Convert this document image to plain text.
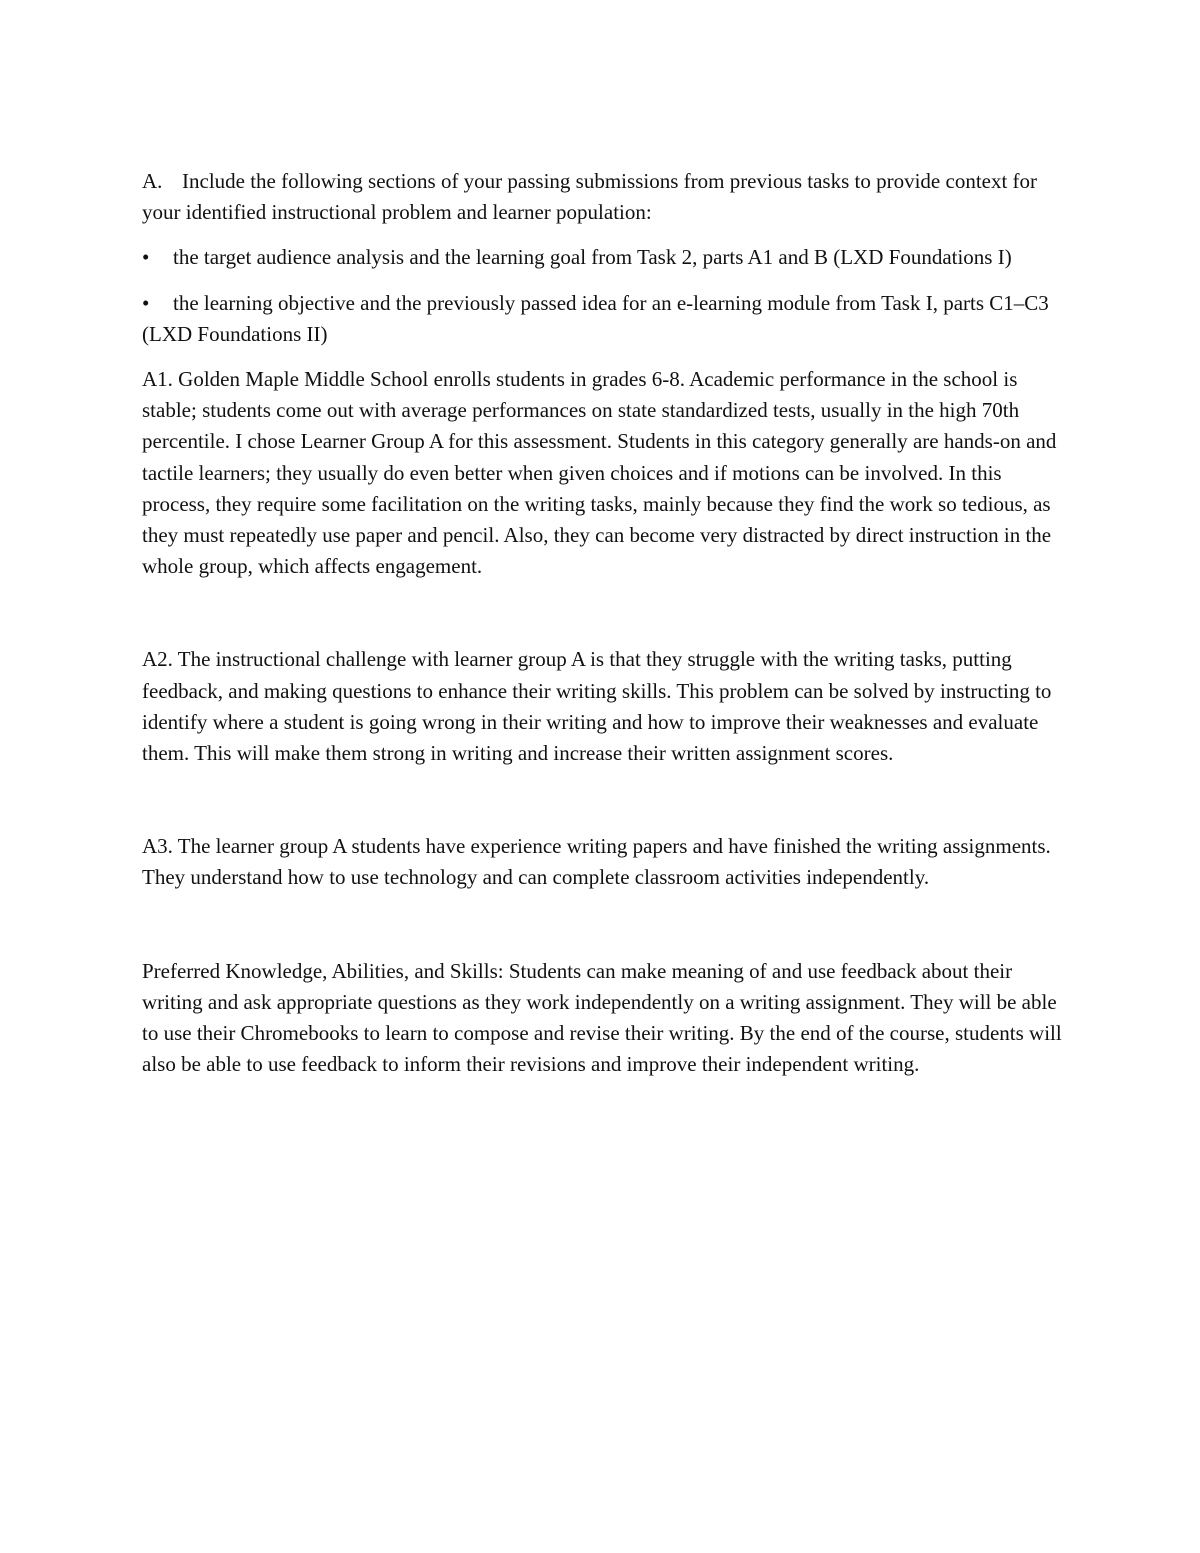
A. Include the following sections of your passing submissions from previous tasks to provide context for your identified instructional problem and learner population:

• the target audience analysis and the learning goal from Task 2, parts A1 and B (LXD Foundations I)

• the learning objective and the previously passed idea for an e-learning module from Task I, parts C1–C3 (LXD Foundations II)

A1. Golden Maple Middle School enrolls students in grades 6-8. Academic performance in the school is stable; students come out with average performances on state standardized tests, usually in the high 70th percentile. I chose Learner Group A for this assessment. Students in this category generally are hands-on and tactile learners; they usually do even better when given choices and if motions can be involved. In this process, they require some facilitation on the writing tasks, mainly because they find the work so tedious, as they must repeatedly use paper and pencil. Also, they can become very distracted by direct instruction in the whole group, which affects engagement.

A2. The instructional challenge with learner group A is that they struggle with the writing tasks, putting feedback, and making questions to enhance their writing skills. This problem can be solved by instructing to identify where a student is going wrong in their writing and how to improve their weaknesses and evaluate them. This will make them strong in writing and increase their written assignment scores.

A3. The learner group A students have experience writing papers and have finished the writing assignments. They understand how to use technology and can complete classroom activities independently.

Preferred Knowledge, Abilities, and Skills: Students can make meaning of and use feedback about their writing and ask appropriate questions as they work independently on a writing assignment. They will be able to use their Chromebooks to learn to compose and revise their writing. By the end of the course, students will also be able to use feedback to inform their revisions and improve their independent writing.
